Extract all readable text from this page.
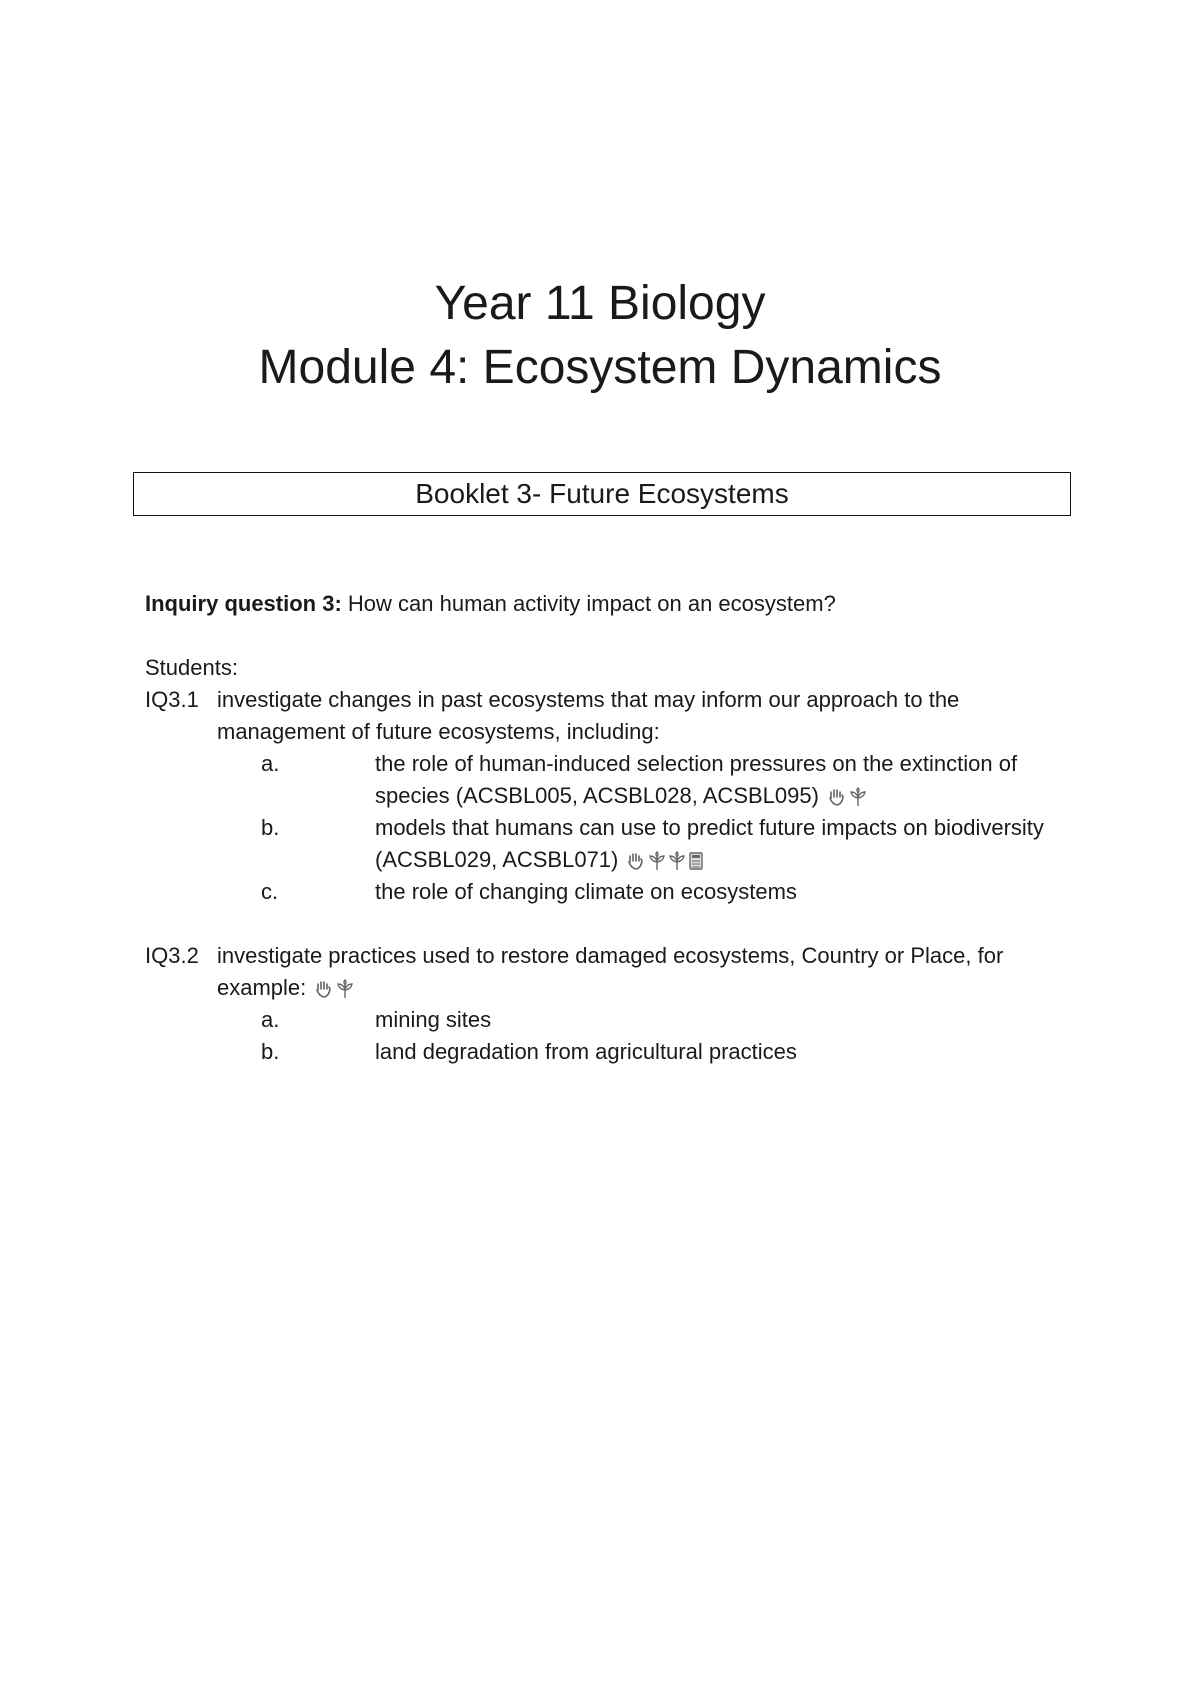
Year 11 Biology
Module 4: Ecosystem Dynamics
Booklet 3- Future Ecosystems
Inquiry question 3: How can human activity impact on an ecosystem?
Students:
IQ3.1 investigate changes in past ecosystems that may inform our approach to the management of future ecosystems, including:
a.	the role of human-induced selection pressures on the extinction of species (ACSBL005, ACSBL028, ACSBL095)
b.	models that humans can use to predict future impacts on biodiversity (ACSBL029, ACSBL071)
c.	the role of changing climate on ecosystems
IQ3.2 investigate practices used to restore damaged ecosystems, Country or Place, for example:
a.	mining sites
b.	land degradation from agricultural practices
